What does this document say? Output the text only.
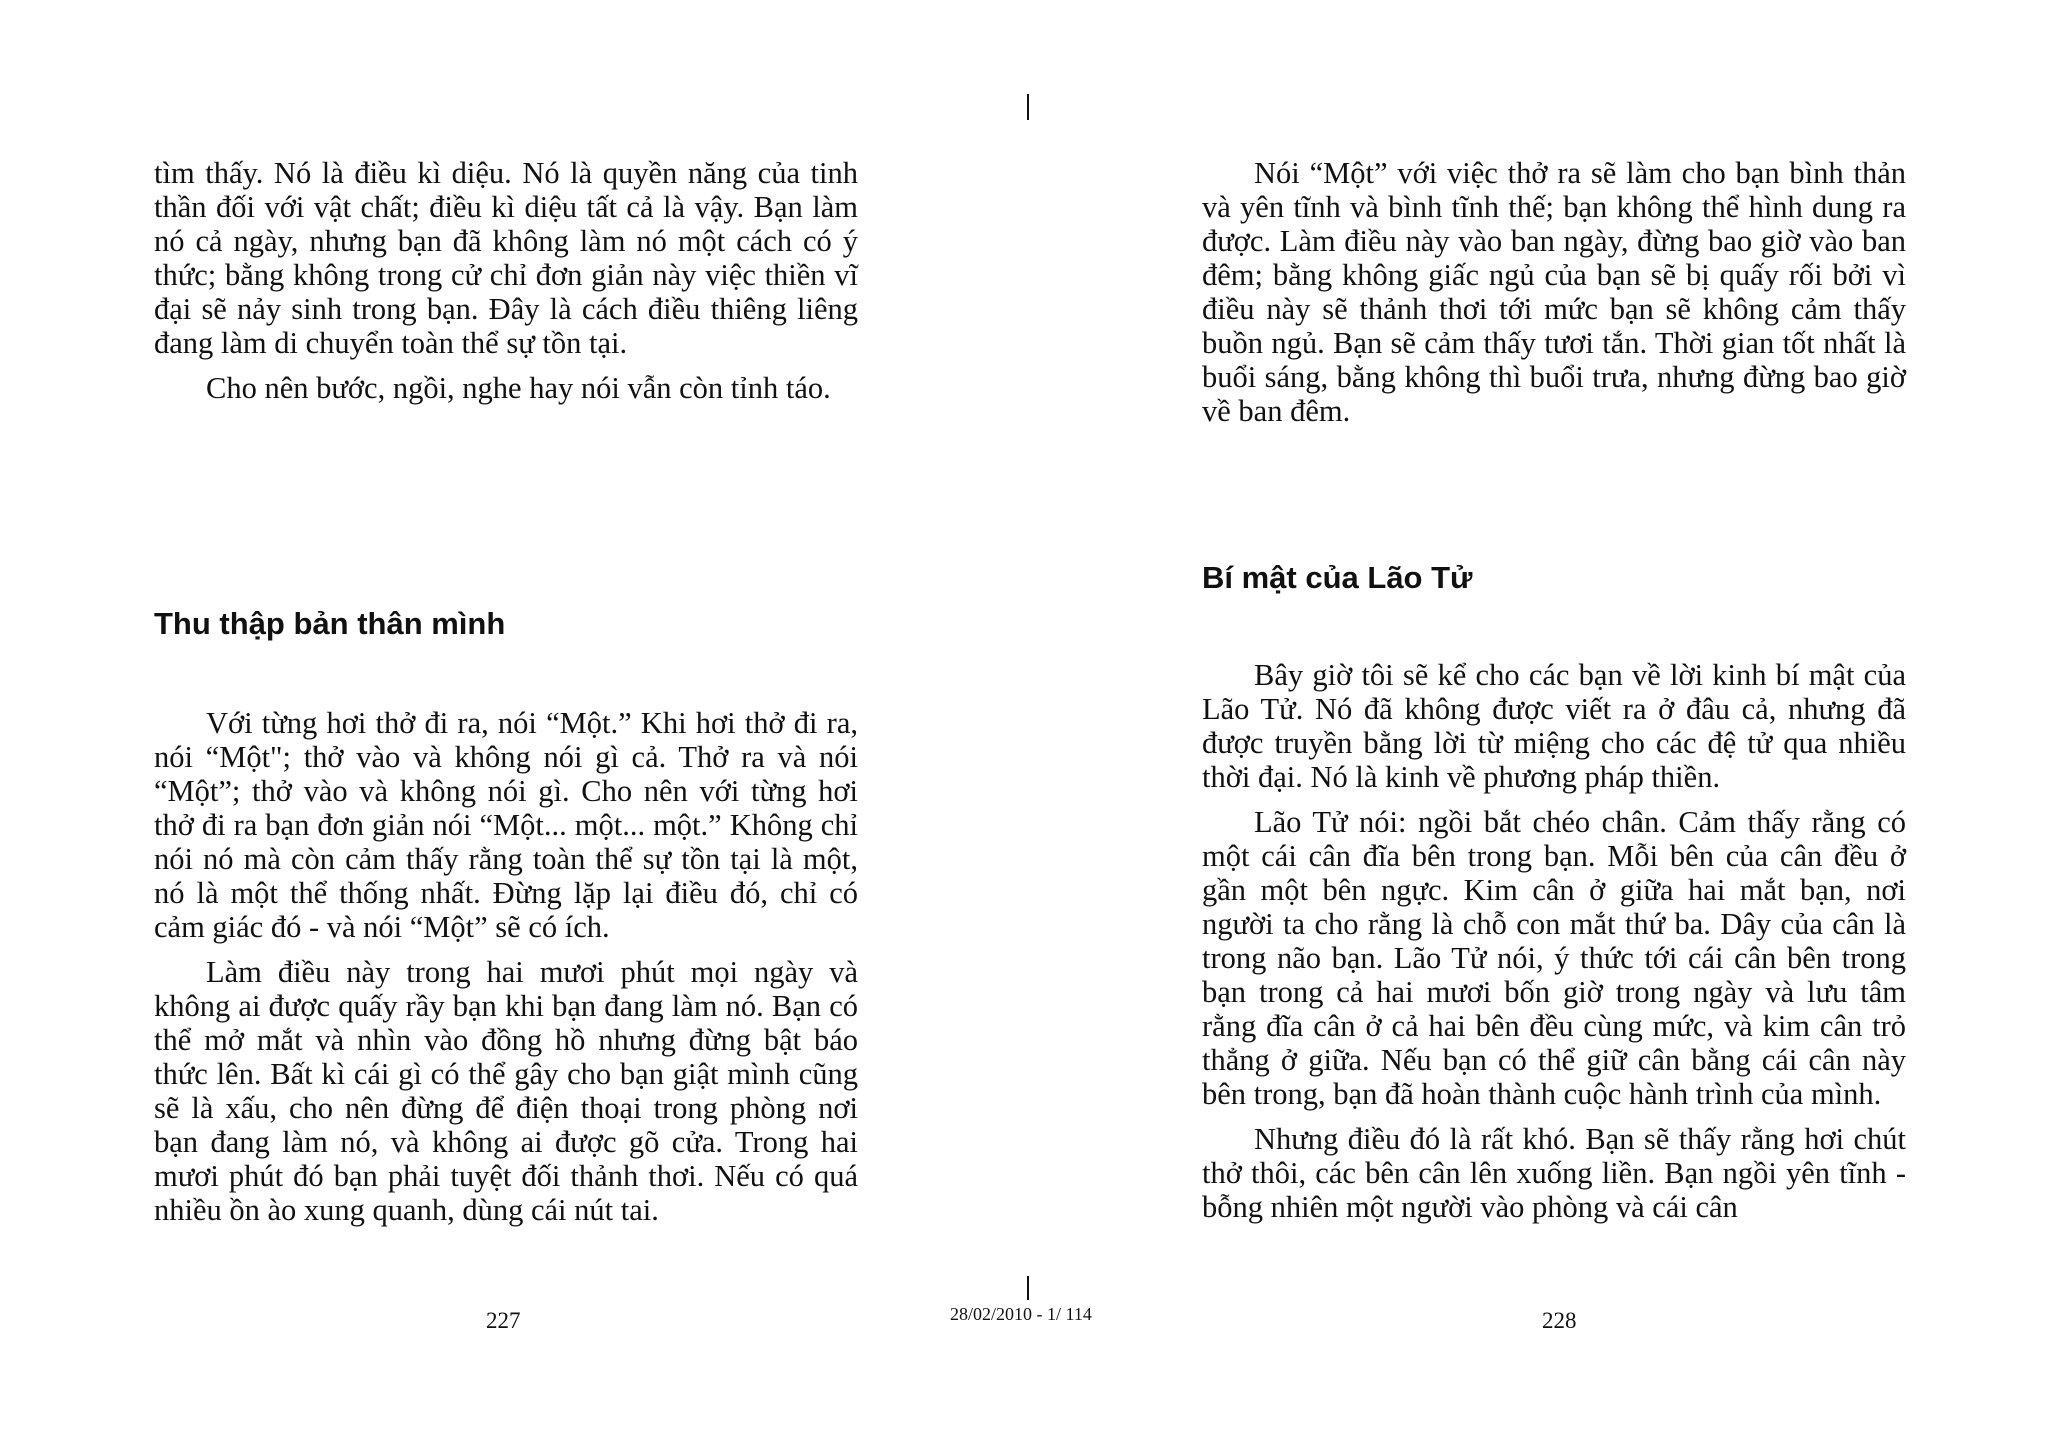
tìm thấy. Nó là điều kì diệu. Nó là quyền năng của tinh thần đối với vật chất; điều kì diệu tất cả là vậy. Bạn làm nó cả ngày, nhưng bạn đã không làm nó một cách có ý thức; bằng không trong cử chỉ đơn giản này việc thiền vĩ đại sẽ nảy sinh trong bạn. Đây là cách điều thiêng liêng đang làm di chuyển toàn thể sự tồn tại.

Cho nên bước, ngồi, nghe hay nói vẫn còn tỉnh táo.

Thu thập bản thân mình

Với từng hơi thở đi ra, nói “Một.” Khi hơi thở đi ra, nói “Một"; thở vào và không nói gì cả. Thở ra và nói “Một”; thở vào và không nói gì. Cho nên với từng hơi thở đi ra bạn đơn giản nói “Một... một... một.” Không chỉ nói nó mà còn cảm thấy rằng toàn thể sự tồn tại là một, nó là một thể thống nhất. Đừng lặp lại điều đó, chỉ có cảm giác đó - và nói “Một” sẽ có ích.

Làm điều này trong hai mươi phút mọi ngày và không ai được quấy rầy bạn khi bạn đang làm nó. Bạn có thể mở mắt và nhìn vào đồng hồ nhưng đừng bật báo thức lên. Bất kì cái gì có thể gây cho bạn giật mình cũng sẽ là xấu, cho nên đừng để điện thoại trong phòng nơi bạn đang làm nó, và không ai được gõ cửa. Trong hai mươi phút đó bạn phải tuyệt đối thảnh thơi. Nếu có quá nhiều ồn ào xung quanh, dùng cái nút tai.

Nói “Một” với việc thở ra sẽ làm cho bạn bình thản và yên tĩnh và bình tĩnh thế; bạn không thể hình dung ra được. Làm điều này vào ban ngày, đừng bao giờ vào ban đêm; bằng không giấc ngủ của bạn sẽ bị quấy rối bởi vì điều này sẽ thảnh thơi tới mức bạn sẽ không cảm thấy buồn ngủ. Bạn sẽ cảm thấy tươi tắn. Thời gian tốt nhất là buổi sáng, bằng không thì buổi trưa, nhưng đừng bao giờ về ban đêm.

Bí mật của Lão Tử

Bây giờ tôi sẽ kể cho các bạn về lời kinh bí mật của Lão Tử. Nó đã không được viết ra ở đâu cả, nhưng đã được truyền bằng lời từ miệng cho các đệ tử qua nhiều thời đại. Nó là kinh về phương pháp thiền.

Lão Tử nói: ngồi bắt chéo chân. Cảm thấy rằng có một cái cân đĩa bên trong bạn. Mỗi bên của cân đều ở gần một bên ngực. Kim cân ở giữa hai mắt bạn, nơi người ta cho rằng là chỗ con mắt thứ ba. Dây của cân là trong não bạn. Lão Tử nói, ý thức tới cái cân bên trong bạn trong cả hai mươi bốn giờ trong ngày và lưu tâm rằng đĩa cân ở cả hai bên đều cùng mức, và kim cân trỏ thẳng ở giữa. Nếu bạn có thể giữ cân bằng cái cân này bên trong, bạn đã hoàn thành cuộc hành trình của mình.

Nhưng điều đó là rất khó. Bạn sẽ thấy rằng hơi chút thở thôi, các bên cân lên xuống liền. Bạn ngồi yên tĩnh - bỗng nhiên một người vào phòng và cái cân

227	28/02/2010 - 1/ 114	228
